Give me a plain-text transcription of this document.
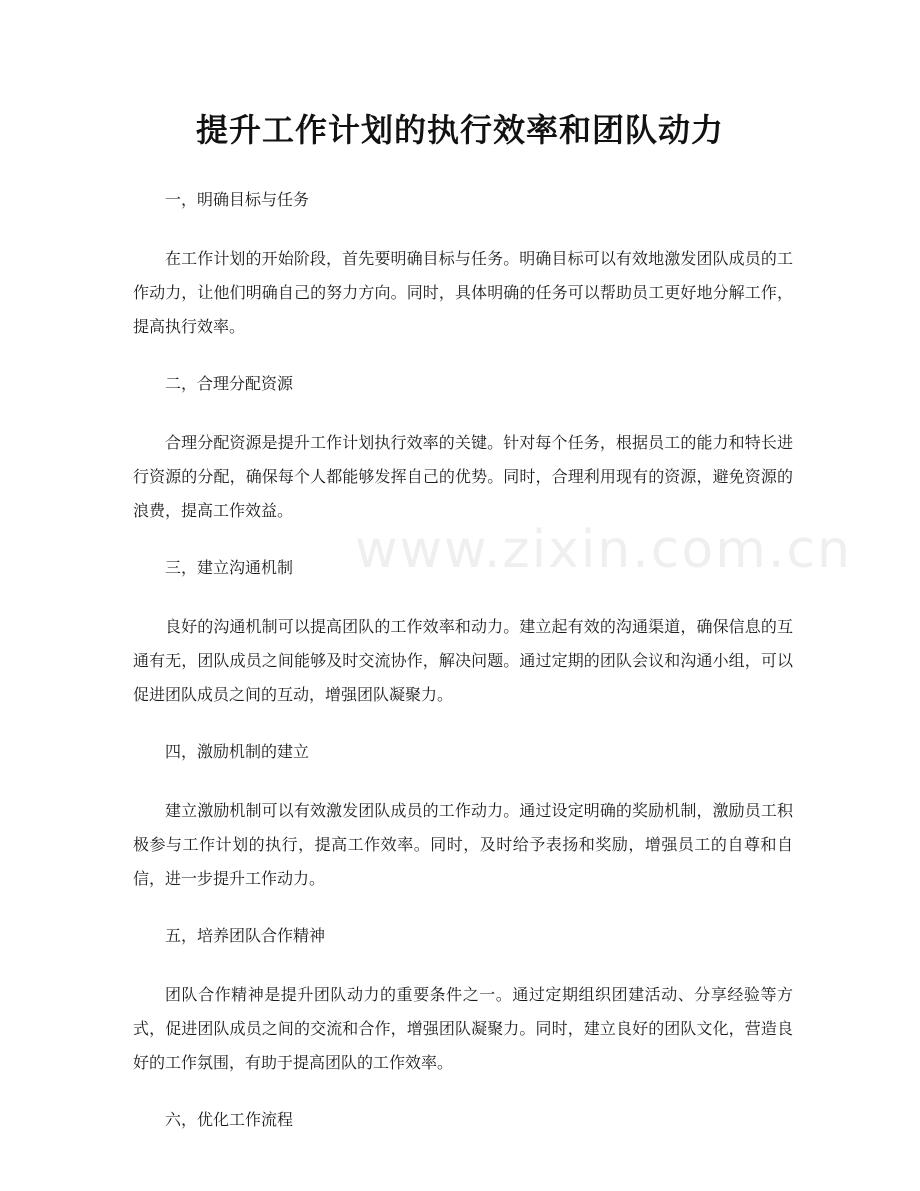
提升工作计划的执行效率和团队动力
www.zixin.com.cn

一，明确目标与任务

在工作计划的开始阶段，首先要明确目标与任务。明确目标可以有效地激发团队成员的工作动力，让他们明确自己的努力方向。同时，具体明确的任务可以帮助员工更好地分解工作，提高执行效率。

二，合理分配资源

合理分配资源是提升工作计划执行效率的关键。针对每个任务，根据员工的能力和特长进行资源的分配，确保每个人都能够发挥自己的优势。同时，合理利用现有的资源，避免资源的浪费，提高工作效益。

三，建立沟通机制

良好的沟通机制可以提高团队的工作效率和动力。建立起有效的沟通渠道，确保信息的互通有无，团队成员之间能够及时交流协作，解决问题。通过定期的团队会议和沟通小组，可以促进团队成员之间的互动，增强团队凝聚力。

四，激励机制的建立

建立激励机制可以有效激发团队成员的工作动力。通过设定明确的奖励机制，激励员工积极参与工作计划的执行，提高工作效率。同时，及时给予表扬和奖励，增强员工的自尊和自信，进一步提升工作动力。

五，培养团队合作精神

团队合作精神是提升团队动力的重要条件之一。通过定期组织团建活动、分享经验等方式，促进团队成员之间的交流和合作，增强团队凝聚力。同时，建立良好的团队文化，营造良好的工作氛围，有助于提高团队的工作效率。

六，优化工作流程
